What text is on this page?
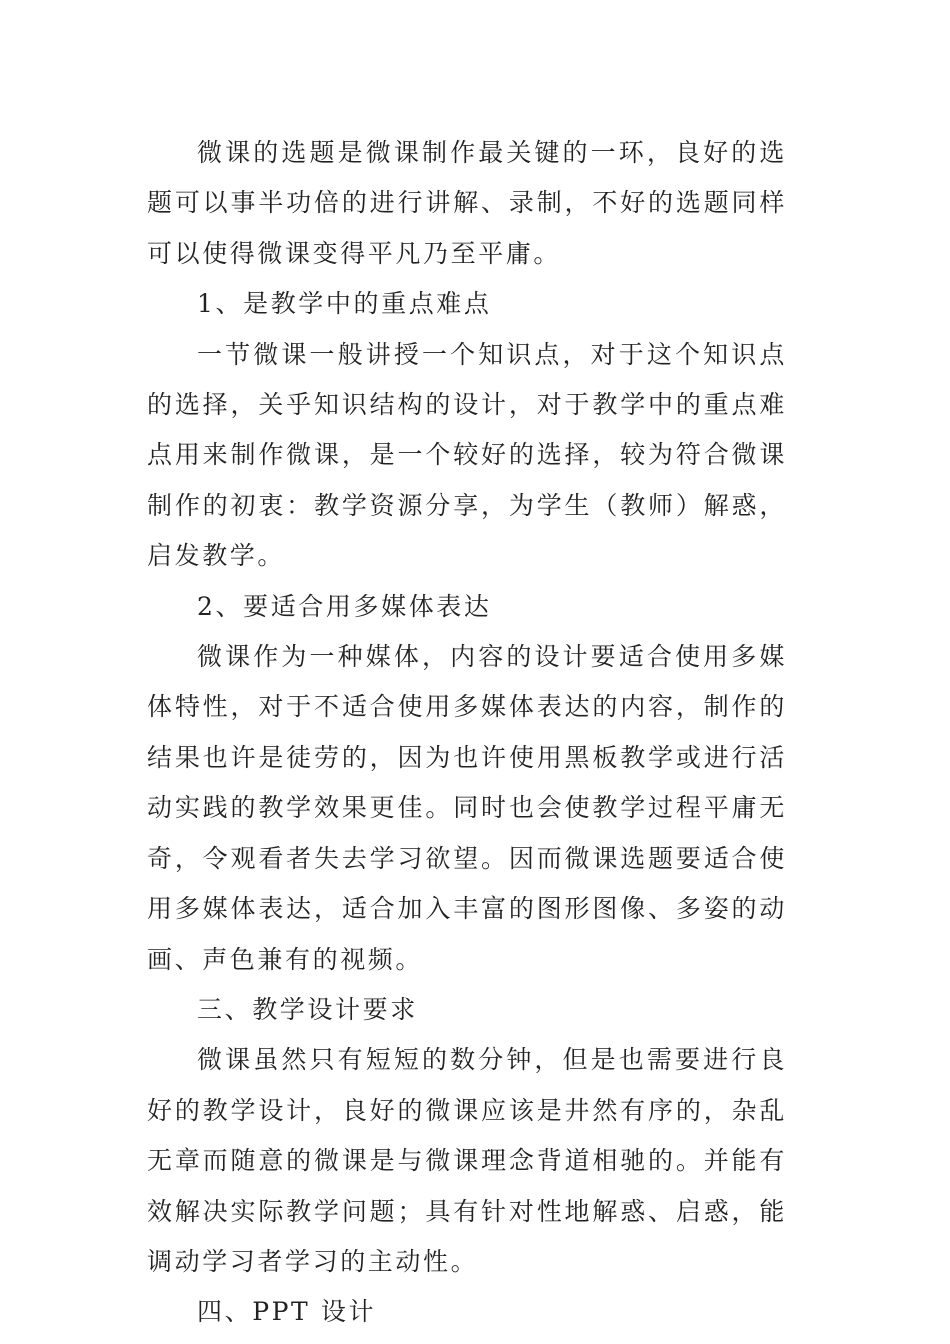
微课的选题是微课制作最关键的一环，良好的选题可以事半功倍的进行讲解、录制，不好的选题同样可以使得微课变得平凡乃至平庸。

1、是教学中的重点难点

一节微课一般讲授一个知识点，对于这个知识点的选择，关乎知识结构的设计，对于教学中的重点难点用来制作微课，是一个较好的选择，较为符合微课制作的初衷：教学资源分享，为学生（教师）解惑，启发教学。

2、要适合用多媒体表达

微课作为一种媒体，内容的设计要适合使用多媒体特性，对于不适合使用多媒体表达的内容，制作的结果也许是徒劳的，因为也许使用黑板教学或进行活动实践的教学效果更佳。同时也会使教学过程平庸无奇，令观看者失去学习欲望。因而微课选题要适合使用多媒体表达，适合加入丰富的图形图像、多姿的动画、声色兼有的视频。

三、教学设计要求

微课虽然只有短短的数分钟，但是也需要进行良好的教学设计，良好的微课应该是井然有序的，杂乱无章而随意的微课是与微课理念背道相驰的。并能有效解决实际教学问题；具有针对性地解惑、启惑，能调动学习者学习的主动性。

四、PPT 设计
